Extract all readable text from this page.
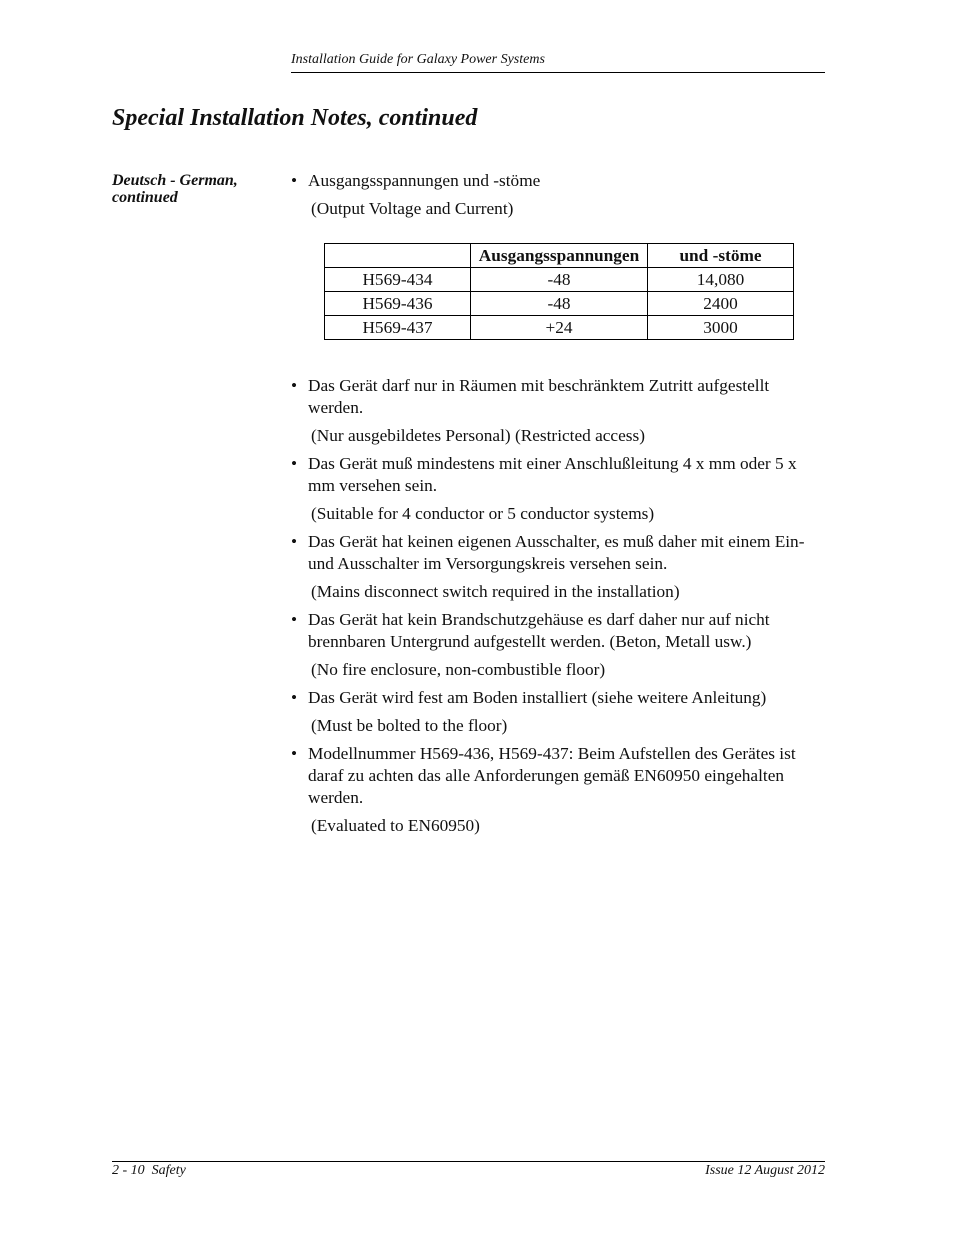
Installation Guide for Galaxy Power Systems
Special Installation Notes, continued
Deutsch - German,
continued
• Ausgangsspannungen und -stöme
(Output Voltage and Current)
	Ausgangsspannungen	und -stöme
H569-434	-48	14,080
H569-436	-48	2400
H569-437	+24	3000
• Das Gerät darf nur in Räumen mit beschränktem Zutritt aufgestellt werden.
(Nur ausgebildetes Personal) (Restricted access)
• Das Gerät muß mindestens mit einer Anschlußleitung 4 x mm oder 5 x mm versehen sein.
(Suitable for 4 conductor or 5 conductor systems)
• Das Gerät hat keinen eigenen Ausschalter, es muß daher mit einem Ein- und Ausschalter im Versorgungskreis versehen sein.
(Mains disconnect switch required in the installation)
• Das Gerät hat kein Brandschutzgehäuse es darf daher nur auf nicht brennbaren Untergrund aufgestellt werden. (Beton, Metall usw.)
(No fire enclosure, non-combustible floor)
• Das Gerät wird fest am Boden installiert (siehe weitere Anleitung)
(Must be bolted to the floor)
• Modellnummer H569-436, H569-437: Beim Aufstellen des Gerätes ist daraf zu achten das alle Anforderungen gemäß EN60950 eingehalten werden.
(Evaluated to EN60950)
2 - 10  Safety	Issue 12 August 2012
